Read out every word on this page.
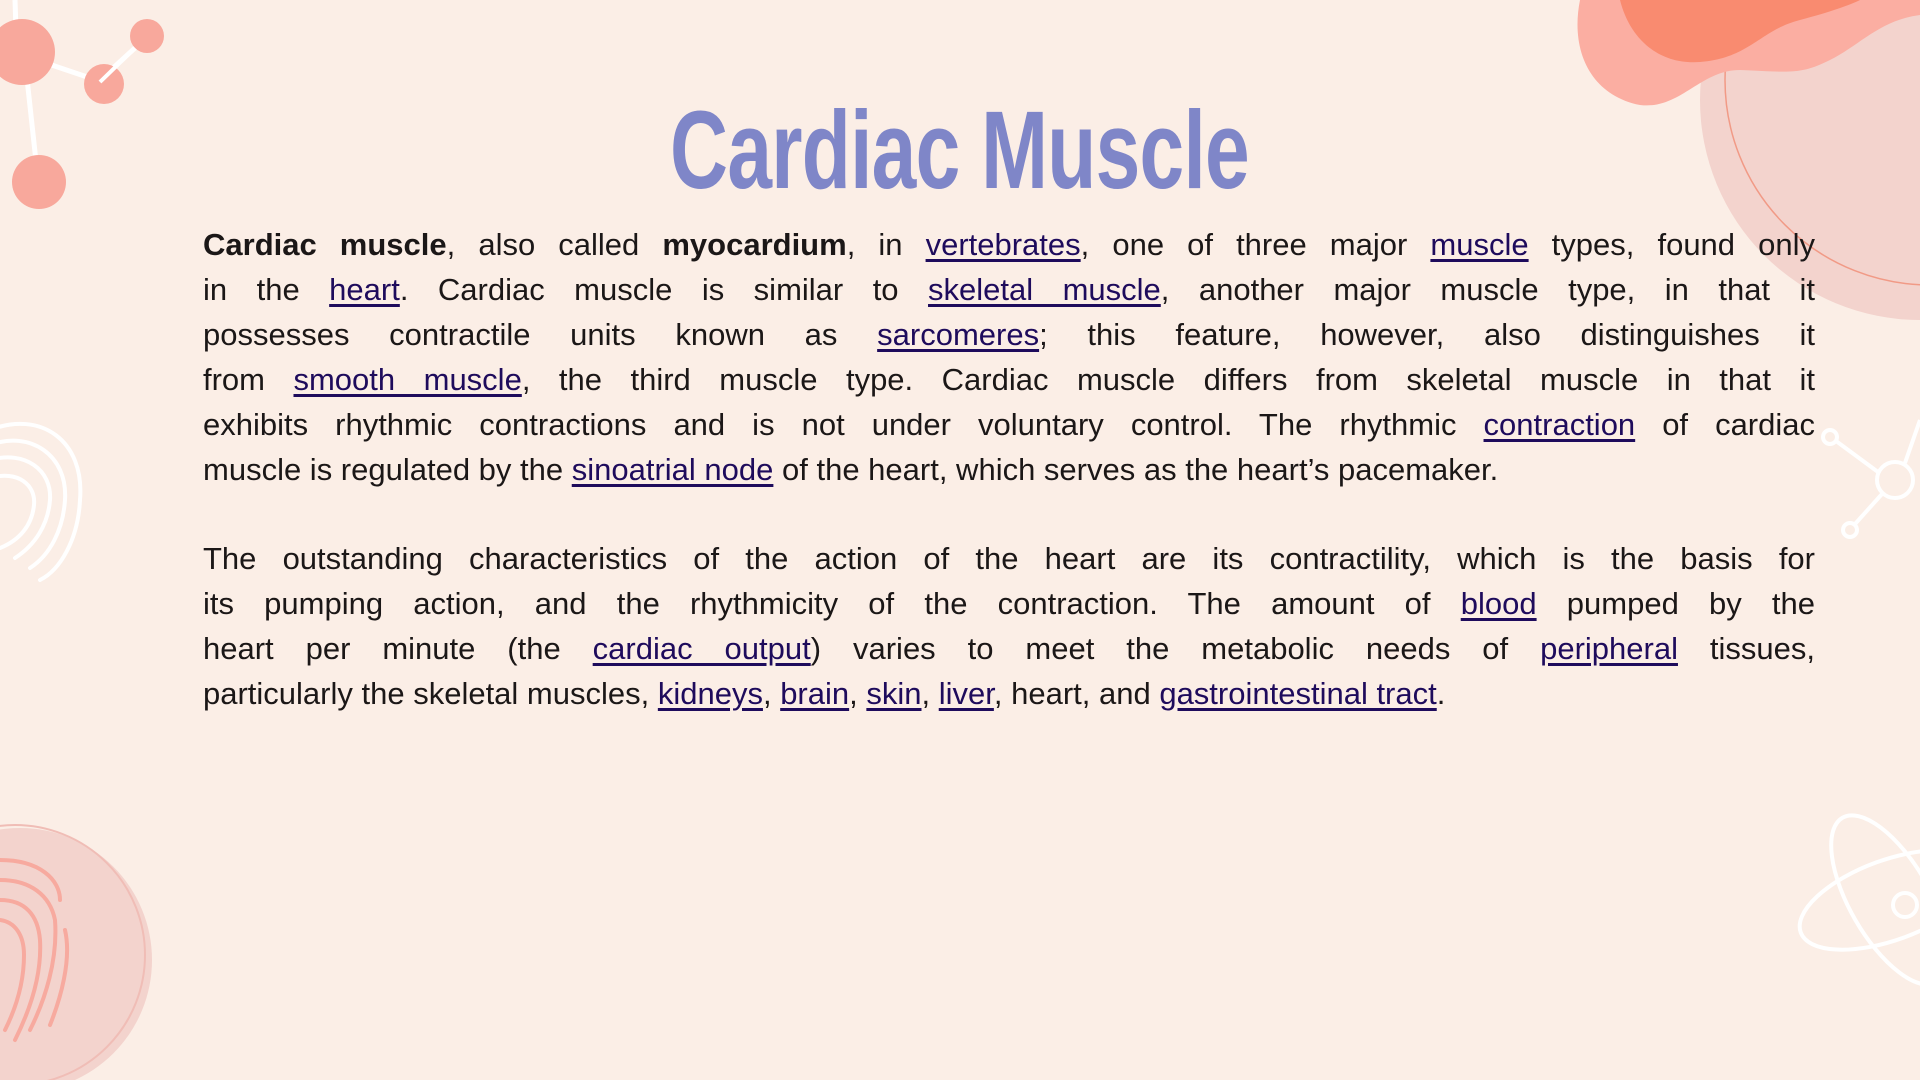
Cardiac Muscle
Cardiac muscle, also called myocardium, in vertebrates, one of three major muscle types, found only
in the heart. Cardiac muscle is similar to skeletal muscle, another major muscle type, in that it
possesses contractile units known as sarcomeres; this feature, however, also distinguishes it
from smooth muscle, the third muscle type. Cardiac muscle differs from skeletal muscle in that it
exhibits rhythmic contractions and is not under voluntary control. The rhythmic contraction of cardiac
muscle is regulated by the sinoatrial node of the heart, which serves as the heart’s pacemaker.
The outstanding characteristics of the action of the heart are its contractility, which is the basis for
its pumping action, and the rhythmicity of the contraction. The amount of blood pumped by the
heart per minute (the cardiac output) varies to meet the metabolic needs of peripheral tissues,
particularly the skeletal muscles, kidneys, brain, skin, liver, heart, and gastrointestinal tract.
